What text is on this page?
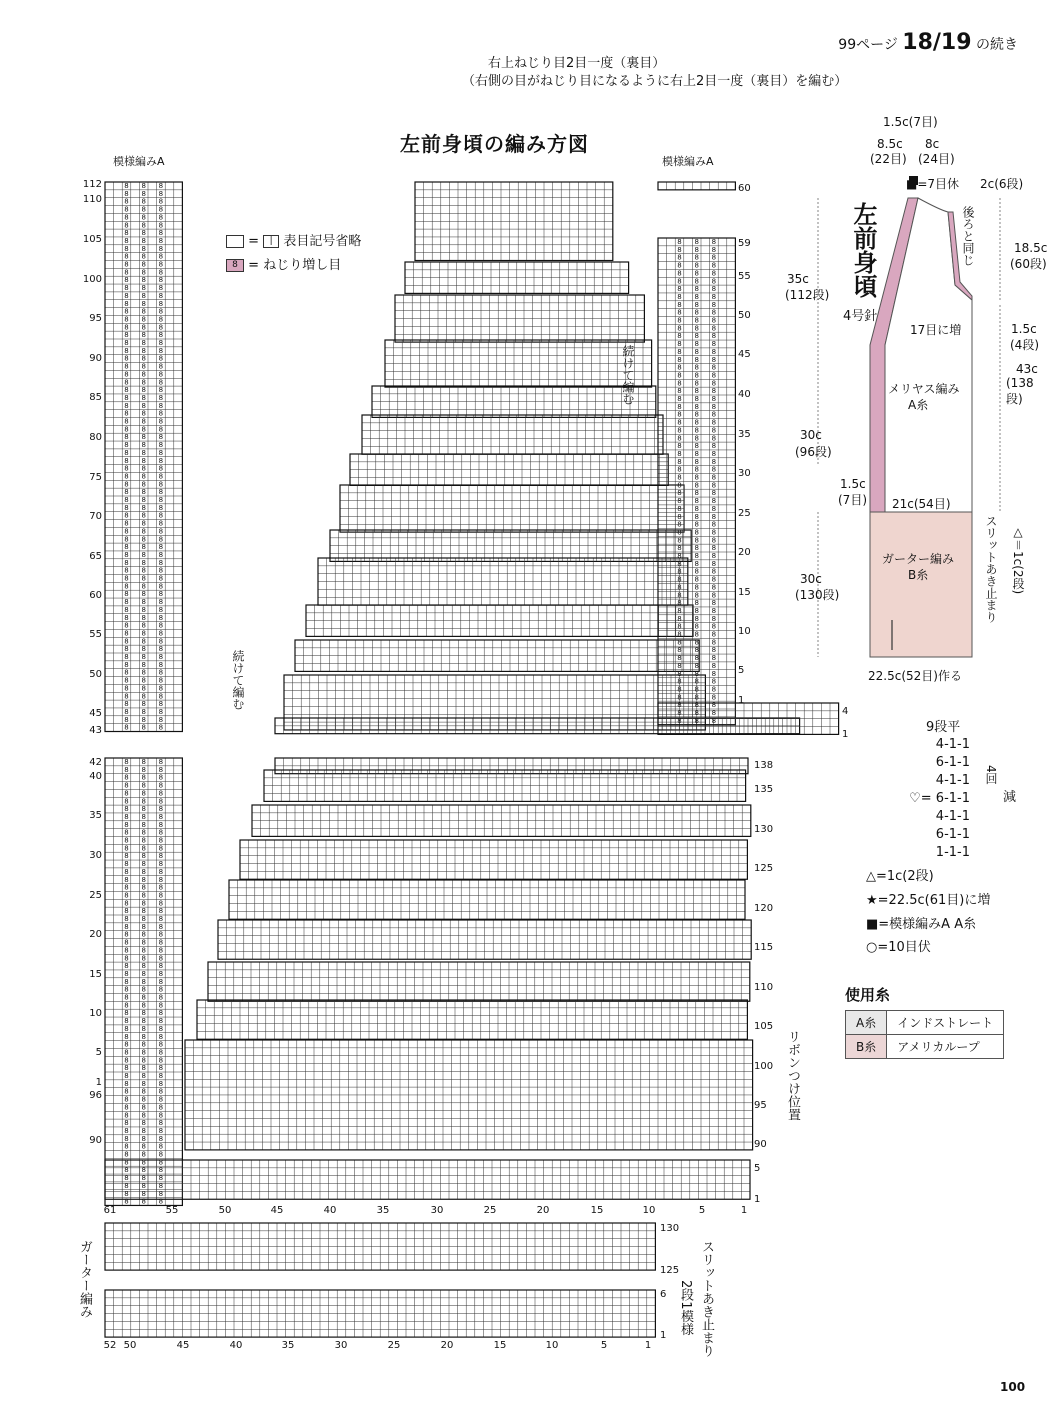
99ページ 18/19 の続き
右上ねじり目2目一度（裏目）
（右側の目がねじり目になるように右上2目一度（裏目）を編む）
左前身頃の編み方図
模様編みA	模様編みA
= | 表目記号省略
8 = ねじり増し目
続けて編む
続けて編む
リボンつけ位置
ガーター編み	スリットあき止まり
2段1模様
8 8 8
8 8 8
8 8 8
8 8 8
8 8 8
8 8 8
8 8 8
8 8 8
8 8 8
8 8 8
8 8 8
8 8 8
8 8 8
8 8 8
8 8 8
8 8 8
8 8 8
8 8 8
8 8 8
8 8 8
8 8 8
8 8 8
8 8 8
8 8 8
8 8 8
8 8 8
8 8 8
8 8 8
8 8 8
8 8 8
8 8 8
8 8 8
8 8 8
8 8 8
8 8 8
8 8 8
8 8 8
8 8 8
8 8 8
8 8 8
8 8 8
8 8 8
8 8 8
8 8 8
8 8 8
8 8 8
8 8 8
8 8 8
8 8 8
8 8 8
8 8 8
8 8 8
8 8 8
8 8 8
8 8 8
8 8 8
8 8 8
8 8 8
8 8 8
8 8 8
8 8 8
8 8 8
8 8 8
8 8 8
8 8 8
8 8 8
8 8 8
8 8 8
8 8 8
8 8 8
8 8 8
8 8 8
8 8 8
8 8 8
8 8 8
8 8 8
8 8 8
8 8 8
8 8 8
8 8 8
8 8 8
8 8 8
8 8 8
8 8 8
8 8 8
8 8 8
8 8 8
8 8 8
8 8 8
8 8 8
8 8 8
8 8 8
8 8 8
8 8 8
8 8 8
8 8 8
8 8 8
8 8 8
8 8 8
8 8 8
8 8 8
8 8 8
8 8 8
8 8 8
8 8 8
8 8 8
8 8 8
8 8 8
8 8 8
8 8 8
8 8 8
8 8 8
8 8 8
8 8 8
8 8 8
8 8 8
8 8 8
8 8 8
8 8 8
8 8 8
8 8 8
8 8 8
8 8 8
8 8 8
8 8 8
8 8 8
8 8 8
8 8 8
8 8 8
8 8 8
8 8 8
8 8 8
8 8 8
8 8 8
8 8 8
8 8 8
8 8 8
8 8 8
8 8 8
8 8 8
8 8 8
8 8 8
8 8 8
8 8 8
8 8 8
8 8 8
8 8 8
8 8 8
8 8 8
8 8 8
8 8 8
8 8 8
8 8 8
8 8 8
8 8 8
8 8 8
8 8 8
8 8 8
8 8 8
8 8 8
8 8 8
8 8 8
8 8 8
8 8 8
8 8 8
8 8 8
8 8 8
8 8 8
8 8 8
8 8 8
8 8 8
8 8 8
8 8 8
8 8 8
8 8 8
8 8 8
8 8 8
8 8 8
8 8 8
8 8 8
8 8 8
8 8 8
8 8 8
8 8 8
8 8 8
8 8 8
8 8 8
8 8 8
8 8 8
112
110
105
100
95
90
85
80
75
70
65
60
55
50
45
43
42
40
35
30
25
20
15
10
5
1
96
90
60
59
55
50
45
40
35
30
25
20
15
10
5
1
4
1
138
135
130
125
120
115
110
105
100
95
90
5
1
61	55	50	45	40	35	30	25	20	15	10	5	1
130
125
6
1
52 50	45	40	35	30	25	20	15	10	5	1
左前身頃
4号針
1.5c(7目)
8.5c
(22目)
8c
(24目)
■=7目休 2c(6段)
後ろと同じ	18.5c
(60段)
35c
(112段)
17目に増	1.5c
(4段)
メリヤス編み
A糸
43c
(138段)
30c
(96段)
1.5c
(7目) 21c(54目)
ガーター編み
B糸
30c
(130段)
22.5c(52目)作る
△＝1c(2段)
スリットあき止まり
9段平
4-1-1
6-1-1
4-1-1
♡= 6-1-1
4-1-1
6-1-1
1-1-1
4回
減
△=1c(2段)
★=22.5c(61目)に増
■=模様編みA A糸
○=10目伏
使用糸
A糸	インドストレート
B糸	アメリカループ
100
